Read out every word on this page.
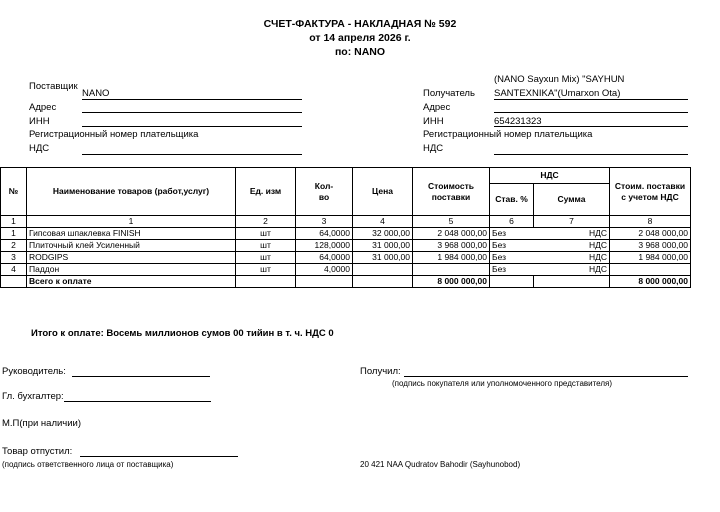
СЧЕТ-ФАКТУРА - НАКЛАДНАЯ № 592
от 14 апреля 2026 г.
по: NANO
Поставщик
NANO
Адрес
ИНН
Регистрационный номер плательщика
НДС
(NANO Sayxun Mix) "SAYHUN
Получатель SANTEXNIKA"(Umarxon Ota)
Адрес
ИНН	654231323
Регистрационный номер плательщика
НДС
№	Наименование товаров (работ,услуг)	Ед. изм	Кол-во	Цена	Стоимость поставки	НДС		Стоим. поставки с учетом НДС
						Став. %	Сумма	
1	1	2	3	4	5	6	7	8
1	Гипсовая шпаклевка FINISH	шт	64,0000	32 000,00	2 048 000,00	Без	НДС	2 048 000,00
2	Плиточный клей Усиленный	шт	128,0000	31 000,00	3 968 000,00	Без	НДС	3 968 000,00
3	RODGIPS	шт	64,0000	31 000,00	1 984 000,00	Без	НДС	1 984 000,00
4	Паддон	шт	4,0000			Без	НДС	
	Всего к оплате				8 000 000,00			8 000 000,00
Итого к оплате: Восемь миллионов сумов 00 тийин в т. ч. НДС 0
Руководитель:
Гл. бухгалтер:
М.П(при наличии)
Товар отпустил:
(подпись ответственного лица от поставщика)
Получил:
(подпись покупателя или уполномоченного представителя)
20 421 NAA Qudratov Bahodir (Sayhunobod)
